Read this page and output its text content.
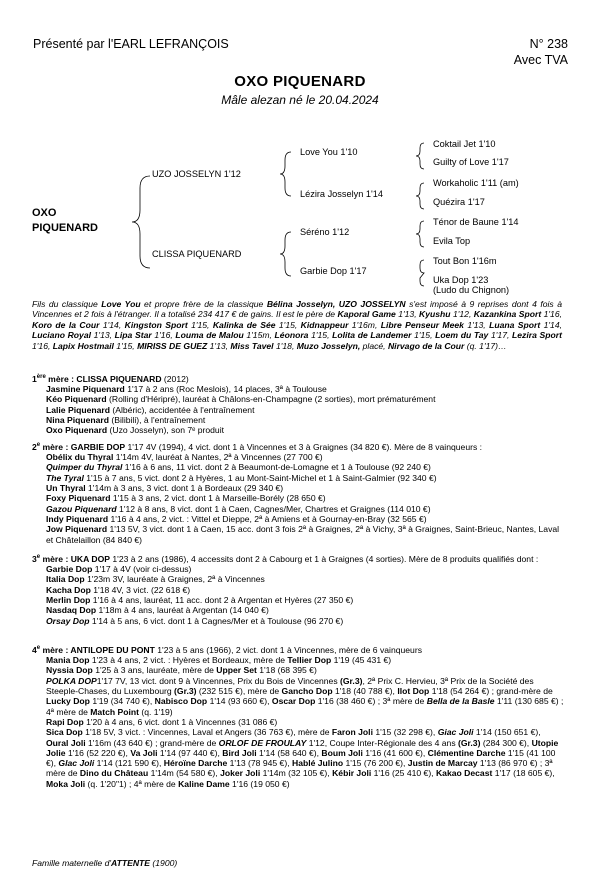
Présenté par l'EARL LEFRANÇOIS	N° 238
Avec TVA
OXO PIQUENARD
Mâle alezan né le 20.04.2024
OXO
PIQUENARD
UZO JOSSELYN 1'12
CLISSA PIQUENARD
Love You 1'10
Lézira Josselyn 1'14
Séréno 1'12
Garbie Dop 1'17
Coktail Jet 1'10
Guilty of Love 1'17
Workaholic 1'11 (am)
Quézira 1'17
Ténor de Baune 1'14
Evila Top
Tout Bon 1'16m
Uka Dop 1'23
(Ludo du Chignon)
Fils du classique Love You et propre frère de la classique Bélina Josselyn, UZO JOSSELYN s'est imposé à 9 reprises dont 4 fois à Vincennes et 2 fois à l'étranger. Il a totalisé 234 417 € de gains. Il est le père de Kaporal Game 1'13, Kyushu 1'12, Kazankina Sport 1'16, Koro de la Cour 1'14, Kingston Sport 1'15, Kalinka de Sée 1'15, Kidnappeur 1'16m, Libre Penseur Meek 1'13, Luana Sport 1'14, Luciano Royal 1'13, Lipa Star 1'16, Louma de Malou 1'15m, Léonora 1'15, Lolita de Landemer 1'15, Loem du Tay 1'17, Lezira Sport 1'16, Lapix Hostmail 1'15, MIRISS DE GUEZ 1'13, Miss Tavel 1'18, Muzo Josselyn, placé, Nirvago de la Cour (q. 1'17)…
1ère mère : CLISSA PIQUENARD (2012)
Jasmine Piquenard 1'17 à 2 ans (Roc Meslois), 14 places, 3ª à Toulouse
Kéo Piquenard (Rolling d'Héripré), lauréat à Châlons-en-Champagne (2 sorties), mort prématurément
Lalie Piquenard (Albéric), accidentée à l'entraînement
Nina Piquenard (Bilibili), à l'entraînement
Oxo Piquenard (Uzo Josselyn), son 7ᵉ produit
2e mère : GARBIE DOP 1'17 4V (1994), 4 vict. dont 1 à Vincennes et 3 à Graignes (34 820 €). Mère de 8 vainqueurs :
Obélix du Thyral 1'14m 4V, lauréat à Nantes, 2ª à Vincennes (27 700 €)
Quimper du Thyral 1'16 à 6 ans, 11 vict. dont 2 à Beaumont-de-Lomagne et 1 à Toulouse (92 240 €)
The Tyral 1'15 à 7 ans, 5 vict. dont 2 à Hyères, 1 au Mont-Saint-Michel et 1 à Saint-Galmier (92 340 €)
Un Thyral 1'14m à 3 ans, 3 vict. dont 1 à Bordeaux (29 340 €)
Foxy Piquenard 1'15 à 3 ans, 2 vict. dont 1 à Marseille-Borély (28 650 €)
Gazou Piquenard 1'12 à 8 ans, 8 vict. dont 1 à Caen, Cagnes/Mer, Chartres et Graignes (114 010 €)
Indy Piquenard 1'16 à 4 ans, 2 vict. : Vittel et Dieppe, 2ª à Amiens et à Gournay-en-Bray (32 565 €)
Jow Piquenard 1'13 5V, 3 vict. dont 1 à Caen, 15 acc. dont 3 fois 2ª à Graignes, 2ª à Vichy, 3ª à Graignes, Saint-Brieuc, Nantes, Laval et Châtelaillon (84 840 €)
3e mère : UKA DOP 1'23 à 2 ans (1986), 4 accessits dont 2 à Cabourg et 1 à Graignes (4 sorties). Mère de 8 produits qualifiés dont :
Garbie Dop 1'17 à 4V (voir ci-dessus)
Italia Dop 1'23m 3V, lauréate à Graignes, 2ª à Vincennes
Kacha Dop 1'18 4V, 3 vict. (22 618 €)
Merlin Dop 1'16 à 4 ans, lauréat, 11 acc. dont 2 à Argentan et Hyères (27 350 €)
Nasdaq Dop 1'18m à 4 ans, lauréat à Argentan (14 040 €)
Orsay Dop 1'14 à 5 ans, 6 vict. dont 1 à Cagnes/Mer et à Toulouse (96 270 €)
4e mère : ANTILOPE DU PONT 1'23 à 5 ans (1966), 2 vict. dont 1 à Vincennes, mère de 6 vainqueurs
Mania Dop 1'23 à 4 ans, 2 vict. : Hyères et Bordeaux, mère de Tellier Dop 1'19 (45 431 €)
Nyssia Dop 1'25 à 3 ans, lauréate, mère de Upper Set 1'18 (68 395 €)
POLKA DOP1'17 7V, 13 vict. dont 9 à Vincennes, Prix du Bois de Vincennes (Gr.3), 2ª Prix C. Hervieu, 3ª Prix de la Société des Steeple-Chases, du Luxembourg (Gr.3) (232 515 €), mère de Gancho Dop 1'18 (40 788 €), Ilot Dop 1'18 (54 264 €) ; grand-mère de Lucky Dop 1'19 (34 740 €), Nabisco Dop 1'14 (93 660 €), Oscar Dop 1'16 (38 460 €) ; 3ª mère de Bella de la Basle 1'11 (130 685 €) ; 4ª mère de Match Point (q. 1'19)
Rapi Dop 1'20 à 4 ans, 6 vict. dont 1 à Vincennes (31 086 €)
Sica Dop 1'18 5V, 3 vict. : Vincennes, Laval et Angers (36 763 €), mère de Faron Joli 1'15 (32 298 €), Giac Joli 1'14 (150 651 €), Oural Joli 1'16m (43 640 €) ; grand-mère de ORLOF DE FROULAY 1'12, Coupe Inter-Régionale des 4 ans (Gr.3) (284 300 €), Utopie Jolie 1'16 (52 220 €), Va Joli 1'14 (97 440 €), Bird Joli 1'14 (58 640 €), Boum Joli 1'16 (41 600 €), Clémentine Darche 1'15 (41 100 €), Glac Joli 1'14 (121 590 €), Héroïne Darche 1'13 (78 945 €), Hablé Julino 1'15 (76 200 €), Justin de Marcay 1'13 (86 970 €) ; 3ª mère de Dino du Château 1'14m (54 580 €), Joker Joli 1'14m (32 105 €), Kébir Joli 1'16 (25 410 €), Kakao Decast 1'17 (18 605 €), Moka Joli (q. 1'20"1) ; 4ª mère de Kaline Dame 1'16 (19 050 €)
Famille maternelle d'ATTENTE (1900)
